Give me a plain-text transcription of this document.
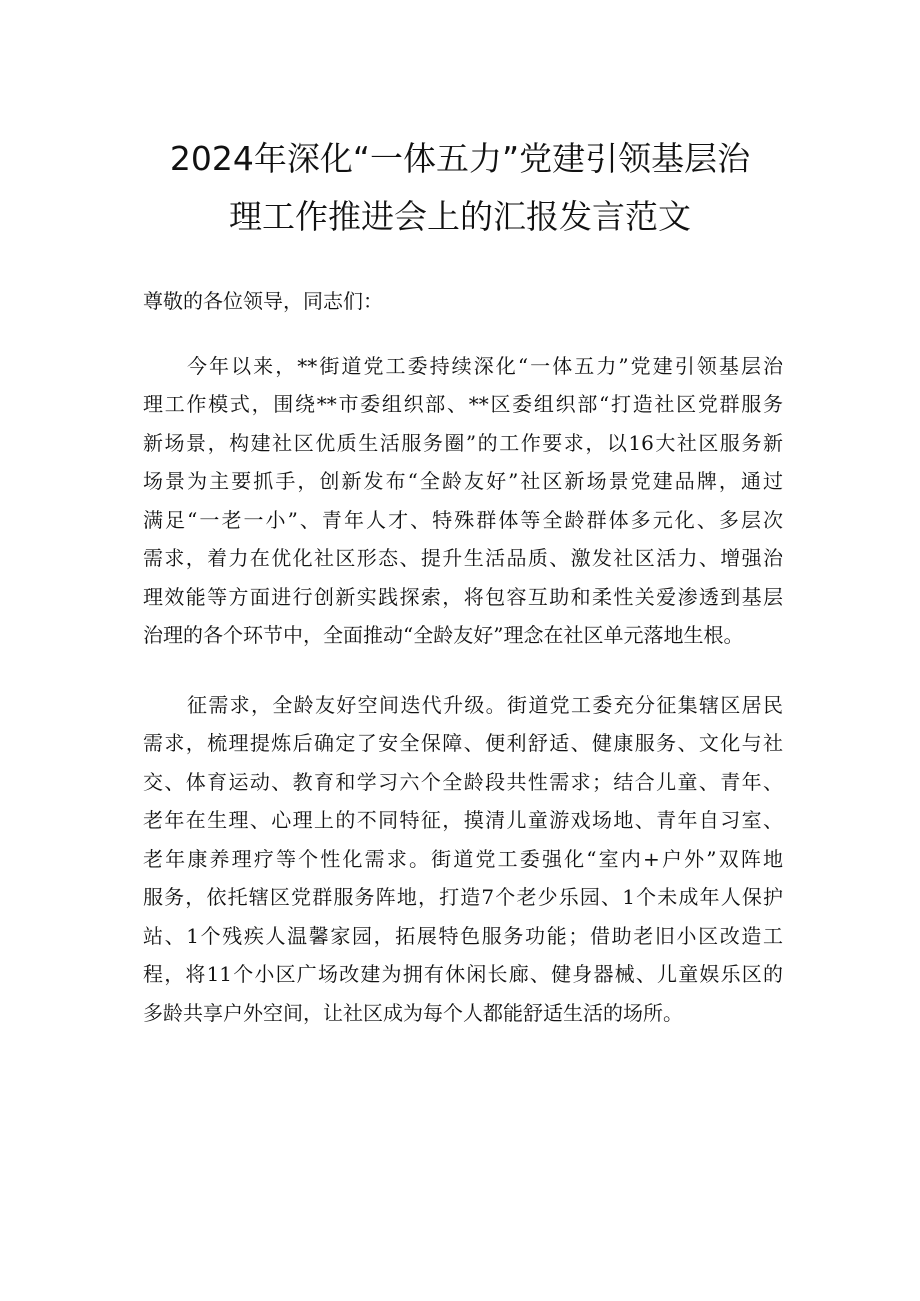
2024年深化“一体五力”党建引领基层治
理工作推进会上的汇报发言范文

尊敬的各位领导，同志们：

今年以来，**街道党工委持续深化“一体五力”党建引领基层治
理工作模式，围绕**市委组织部、**区委组织部“打造社区党群服务
新场景，构建社区优质生活服务圈”的工作要求，以16大社区服务新
场景为主要抓手，创新发布“全龄友好”社区新场景党建品牌，通过
满足“一老一小”、青年人才、特殊群体等全龄群体多元化、多层次
需求，着力在优化社区形态、提升生活品质、激发社区活力、增强治
理效能等方面进行创新实践探索，将包容互助和柔性关爱渗透到基层
治理的各个环节中，全面推动“全龄友好”理念在社区单元落地生根。

征需求，全龄友好空间迭代升级。街道党工委充分征集辖区居民
需求，梳理提炼后确定了安全保障、便利舒适、健康服务、文化与社
交、体育运动、教育和学习六个全龄段共性需求；结合儿童、青年、
老年在生理、心理上的不同特征，摸清儿童游戏场地、青年自习室、
老年康养理疗等个性化需求。街道党工委强化“室内+户外”双阵地
服务，依托辖区党群服务阵地，打造7个老少乐园、1个未成年人保护
站、1个残疾人温馨家园，拓展特色服务功能；借助老旧小区改造工
程，将11个小区广场改建为拥有休闲长廊、健身器械、儿童娱乐区的
多龄共享户外空间，让社区成为每个人都能舒适生活的场所。
